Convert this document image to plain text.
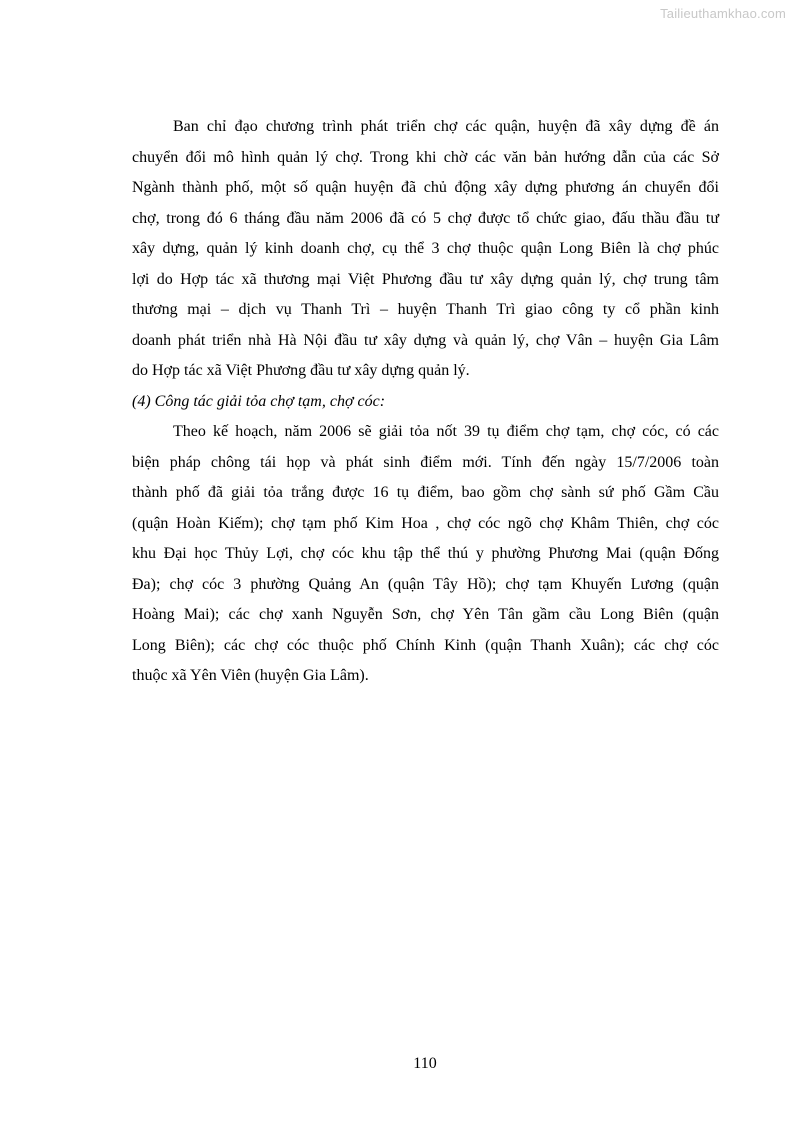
Tailieuthamkhao.com
Ban chỉ đạo chương trình phát triển chợ các quận, huyện đã xây dựng đề án
chuyển đổi mô hình quản lý chợ. Trong khi chờ các văn bản hướng dẫn của các Sở
Ngành thành phố, một số quận huyện đã chủ động xây dựng phương án chuyển đổi
chợ, trong đó 6 tháng đầu năm 2006 đã có 5 chợ được tổ chức giao, đấu thầu đầu tư
xây dựng, quản lý kinh doanh chợ, cụ thể 3 chợ thuộc quận Long Biên là chợ phúc
lợi do Hợp tác xã thương mại Việt Phương đầu tư xây dựng quản lý, chợ trung tâm
thương mại – dịch vụ Thanh Trì – huyện Thanh Trì giao công ty cổ phần kinh
doanh phát triển nhà Hà Nội đầu tư xây dựng và quản lý, chợ Vân – huyện Gia Lâm
do Hợp tác xã Việt Phương đầu tư xây dựng quản lý.
(4) Công tác giải tỏa chợ tạm, chợ cóc:
Theo kế hoạch, năm 2006 sẽ giải tỏa nốt 39 tụ điểm chợ tạm, chợ cóc, có các
biện pháp chông tái họp và phát sinh điểm mới. Tính đến ngày 15/7/2006 toàn
thành phố đã giải tỏa trắng được 16 tụ điểm, bao gồm chợ sành sứ phố Gầm Cầu
(quận Hoàn Kiếm); chợ tạm phố Kim Hoa , chợ cóc ngõ chợ Khâm Thiên, chợ cóc
khu Đại học Thủy Lợi, chợ cóc khu tập thể thú y phường Phương Mai (quận Đống
Đa); chợ cóc 3 phường Quảng An (quận Tây Hồ); chợ tạm Khuyến Lương (quận
Hoàng Mai); các chợ xanh Nguyễn Sơn, chợ Yên Tân gầm cầu Long Biên (quận
Long Biên); các chợ cóc thuộc phố Chính Kinh (quận Thanh Xuân); các chợ cóc
thuộc xã Yên Viên (huyện Gia Lâm).
110
